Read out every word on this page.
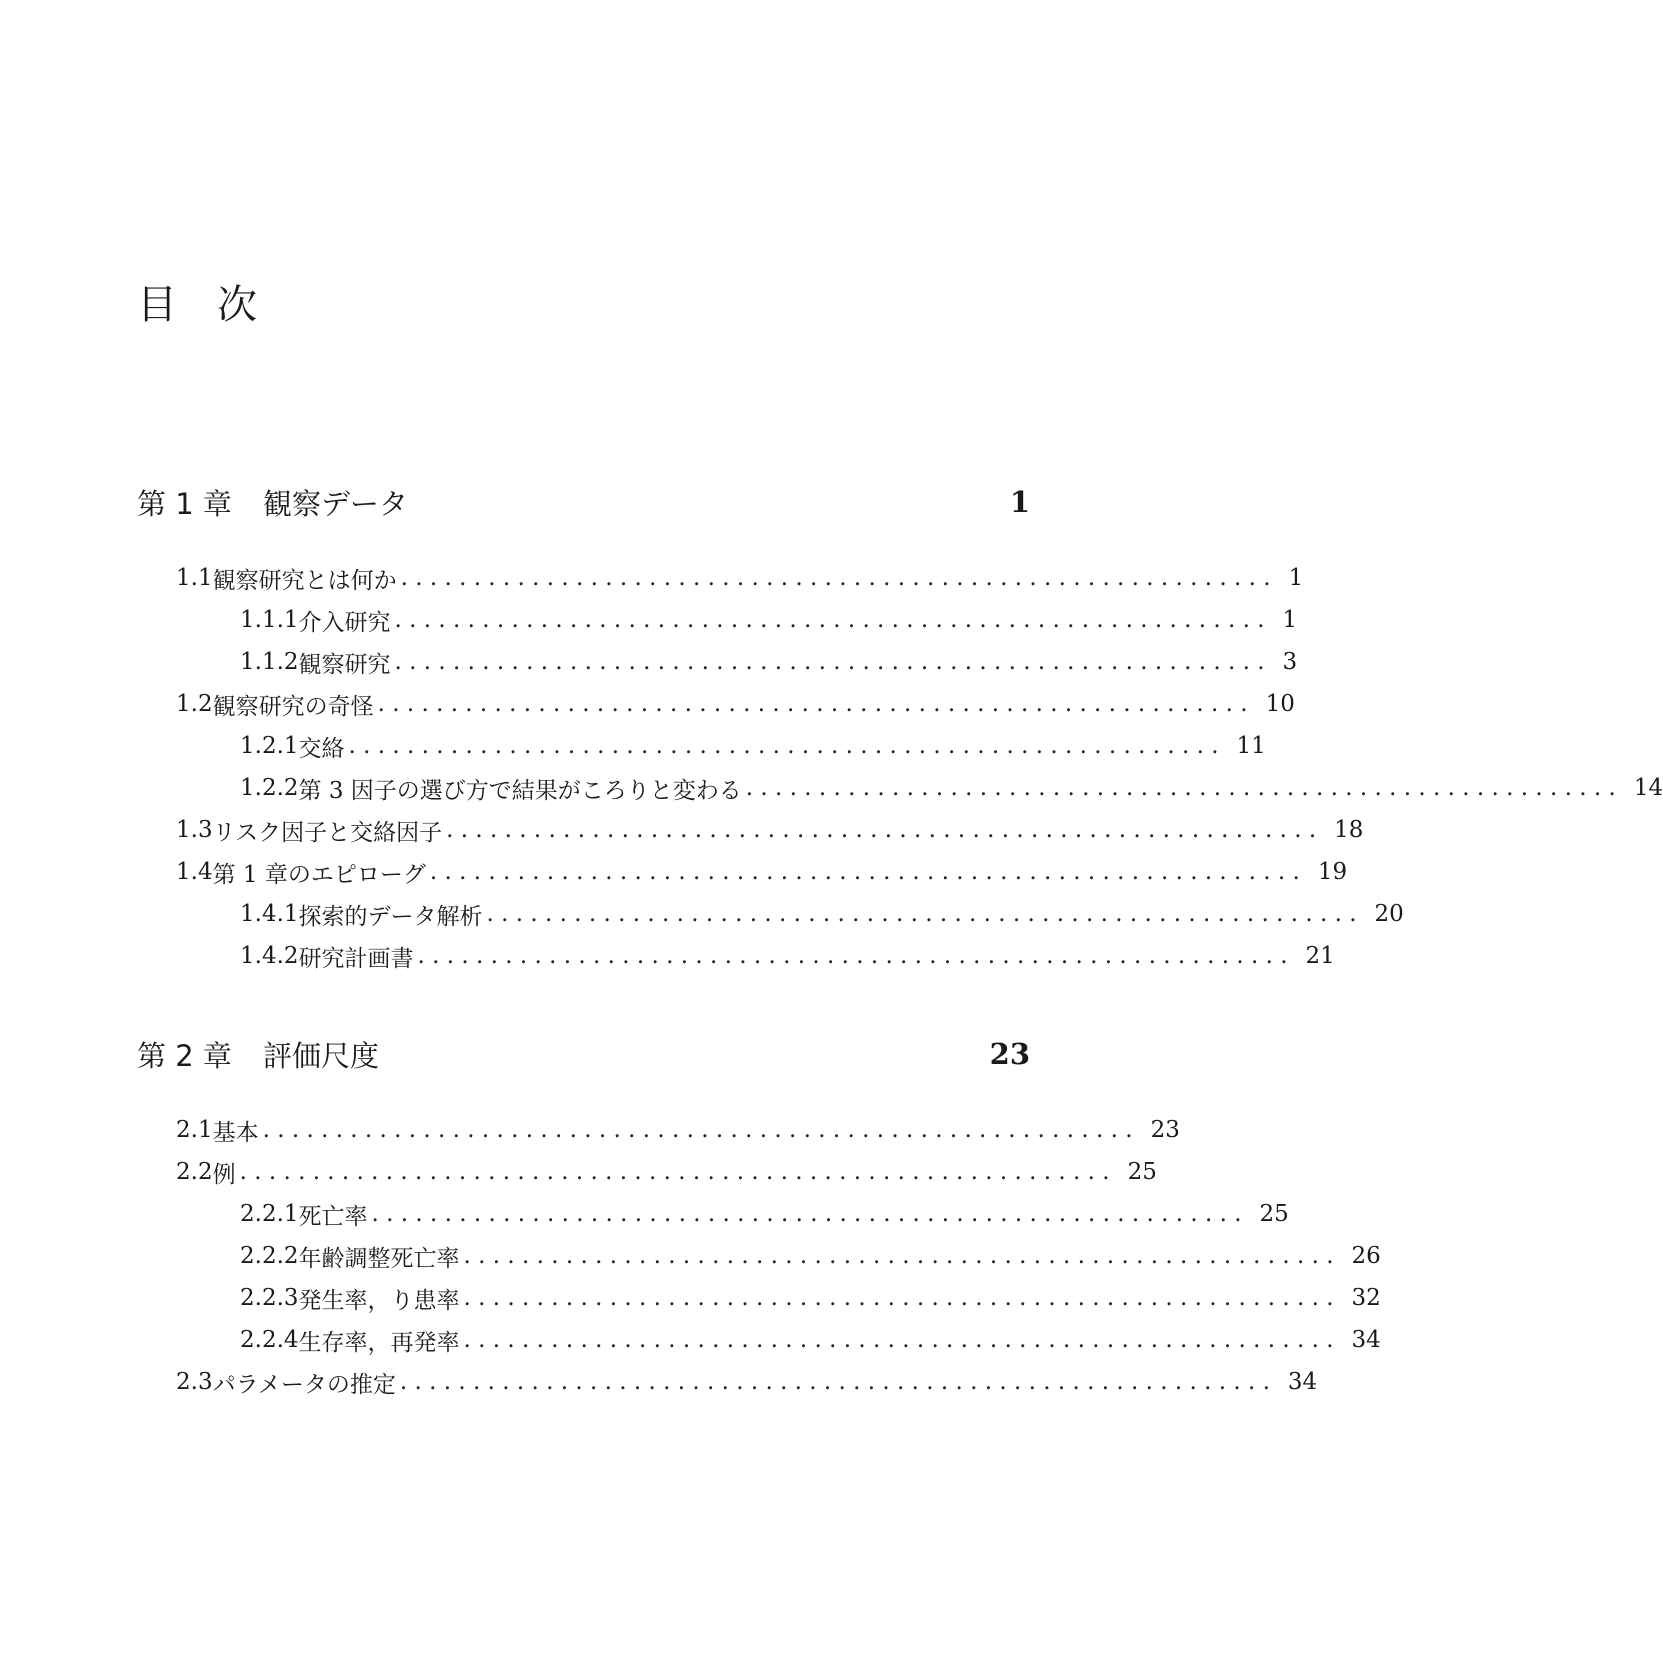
目　次
第 1 章	観察データ	1
1.1 観察研究とは何か . . . . . . . . . . . . . . . . . . . . . . . . . . . . . . . . . . . . . . . . . . . . . . . . . . . . . . . . . . . . 1
1.1.1 介入研究 . . . . . . . . . . . . . . . . . . . . . . . . . . . . . . . . . . . . . . . . . . . . . . . . . . . . . . . . . . . . 1
1.1.2 観察研究 . . . . . . . . . . . . . . . . . . . . . . . . . . . . . . . . . . . . . . . . . . . . . . . . . . . . . . . . . . . . 3
1.2 観察研究の奇怪 . . . . . . . . . . . . . . . . . . . . . . . . . . . . . . . . . . . . . . . . . . . . . . . . . . . . . . . . . . . . 10
1.2.1 交絡 . . . . . . . . . . . . . . . . . . . . . . . . . . . . . . . . . . . . . . . . . . . . . . . . . . . . . . . . . . . . 11
1.2.2 第 3 因子の選び方で結果がころりと変わる . . . . . . . . . . . . . . . . . . . . . . . . . . . . . . . . . . . . . . . . . . . . . . . . . . . . . . . . . . . . 14
1.3 リスク因子と交絡因子 . . . . . . . . . . . . . . . . . . . . . . . . . . . . . . . . . . . . . . . . . . . . . . . . . . . . . . . . . . . . 18
1.4 第 1 章のエピローグ . . . . . . . . . . . . . . . . . . . . . . . . . . . . . . . . . . . . . . . . . . . . . . . . . . . . . . . . . . . . 19
1.4.1 探索的データ解析 . . . . . . . . . . . . . . . . . . . . . . . . . . . . . . . . . . . . . . . . . . . . . . . . . . . . . . . . . . . . 20
1.4.2 研究計画書 . . . . . . . . . . . . . . . . . . . . . . . . . . . . . . . . . . . . . . . . . . . . . . . . . . . . . . . . . . . . 21
第 2 章	評価尺度	23
2.1 基本 . . . . . . . . . . . . . . . . . . . . . . . . . . . . . . . . . . . . . . . . . . . . . . . . . . . . . . . . . . . . 23
2.2 例 . . . . . . . . . . . . . . . . . . . . . . . . . . . . . . . . . . . . . . . . . . . . . . . . . . . . . . . . . . . . 25
2.2.1 死亡率 . . . . . . . . . . . . . . . . . . . . . . . . . . . . . . . . . . . . . . . . . . . . . . . . . . . . . . . . . . . . 25
2.2.2 年齢調整死亡率 . . . . . . . . . . . . . . . . . . . . . . . . . . . . . . . . . . . . . . . . . . . . . . . . . . . . . . . . . . . . 26
2.2.3 発生率，り患率 . . . . . . . . . . . . . . . . . . . . . . . . . . . . . . . . . . . . . . . . . . . . . . . . . . . . . . . . . . . . 32
2.2.4 生存率，再発率 . . . . . . . . . . . . . . . . . . . . . . . . . . . . . . . . . . . . . . . . . . . . . . . . . . . . . . . . . . . . 34
2.3 パラメータの推定 . . . . . . . . . . . . . . . . . . . . . . . . . . . . . . . . . . . . . . . . . . . . . . . . . . . . . . . . . . . . 34
